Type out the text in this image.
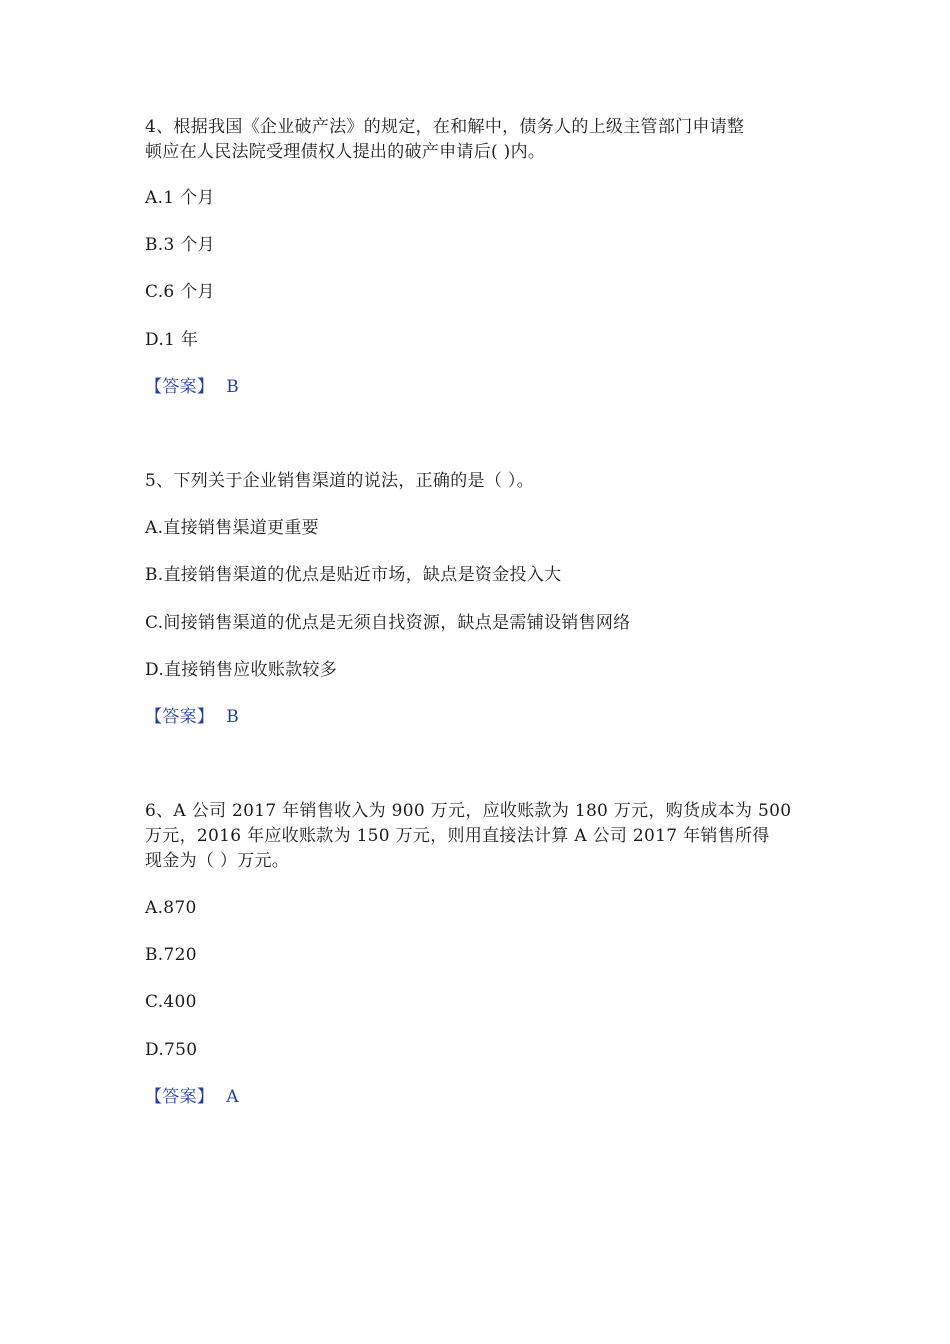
4、根据我国《企业破产法》的规定，在和解中，债务人的上级主管部门申请整
顿应在人民法院受理债权人提出的破产申请后( )内。
A.1 个月
B.3 个月
C.6 个月
D.1 年
【答案】 B
5、下列关于企业销售渠道的说法，正确的是（ ）。
A.直接销售渠道更重要
B.直接销售渠道的优点是贴近市场，缺点是资金投入大
C.间接销售渠道的优点是无须自找资源，缺点是需铺设销售网络
D.直接销售应收账款较多
【答案】 B
6、A 公司 2017 年销售收入为 900 万元，应收账款为 180 万元，购货成本为 500
万元，2016 年应收账款为 150 万元，则用直接法计算 A 公司 2017 年销售所得
现金为（ ）万元。
A.870
B.720
C.400
D.750
【答案】 A
